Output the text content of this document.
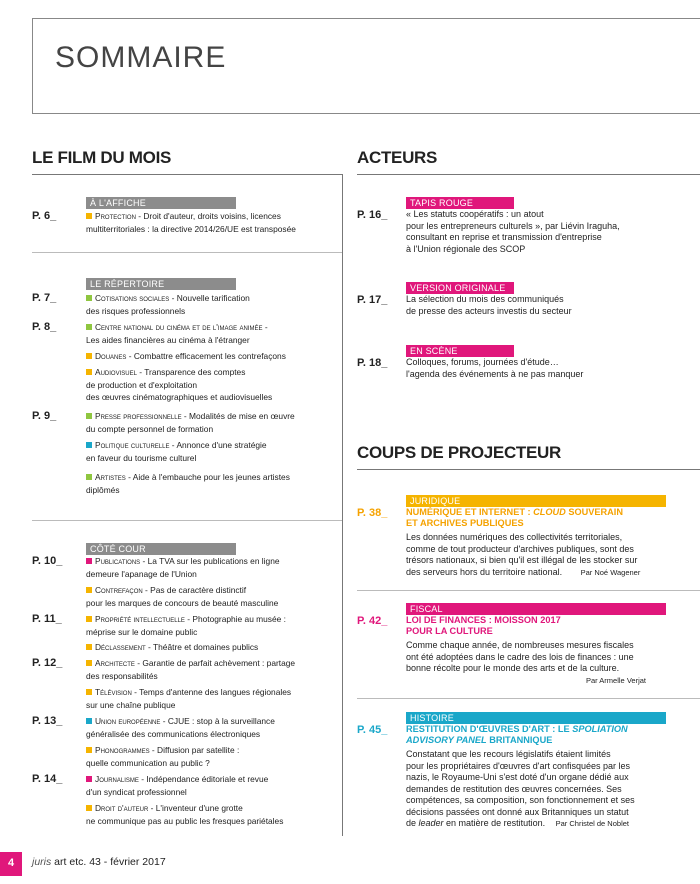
SOMMAIRE
LE FILM DU MOIS
À L'AFFICHE
P. 6_	Protection - Droit d'auteur, droits voisins, licences multiterritoriales : la directive 2014/26/UE est transposée
LE RÉPERTOIRE
P. 7_
P. 8_
P. 9_
Cotisations sociales - Nouvelle tarification
des risques professionnels
Centre national du cinéma et de l'image animée -
Les aides financières au cinéma à l'étranger
Douanes - Combattre efficacement les contrefaçons
Audiovisuel - Transparence des comptes
de production et d'exploitation
des œuvres cinématographiques et audiovisuelles
Presse professionnelle - Modalités de mise en œuvre
du compte personnel de formation
Politique culturelle - Annonce d'une stratégie
en faveur du tourisme culturel
Artistes - Aide à l'embauche pour les jeunes artistes
diplômés
CÔTÉ COUR
P. 10_
P. 11_
P. 12_
P. 13_
P. 14_
Publications - La TVA sur les publications en ligne
demeure l'apanage de l'Union
Contrefaçon - Pas de caractère distinctif
pour les marques de concours de beauté masculine
Propriété intellectuelle - Photographie au musée :
méprise sur le domaine public
Déclassement - Théâtre et domaines publics
Architecte - Garantie de parfait achèvement : partage
des responsabilités
Télévision - Temps d'antenne des langues régionales
sur une chaîne publique
Union européenne - CJUE : stop à la surveillance
généralisée des communications électroniques
Phonogrammes - Diffusion par satellite :
quelle communication au public ?
Journalisme - Indépendance éditoriale et revue
d'un syndicat professionnel
Droit d'auteur - L'inventeur d'une grotte
ne communique pas au public les fresques pariétales
ACTEURS
TAPIS ROUGE
P. 16_ « Les statuts coopératifs : un atout
pour les entrepreneurs culturels », par Liévin Iraguha,
consultant en reprise et transmission d'entreprise
à l'Union régionale des SCOP
VERSION ORIGINALE
P. 17_ La sélection du mois des communiqués
de presse des acteurs investis du secteur
EN SCÈNE
P. 18_ Colloques, forums, journées d'étude…
l'agenda des événements à ne pas manquer
COUPS DE PROJECTEUR
JURIDIQUE
P. 38_ NUMÉRIQUE ET INTERNET : CLOUD SOUVERAIN
ET ARCHIVES PUBLIQUES
Les données numériques des collectivités territoriales,
comme de tout producteur d'archives publiques, sont des
trésors nationaux, si bien qu'il est illégal de les stocker sur
des serveurs hors du territoire national. Par Noé Wagener
FISCAL
P. 42_ LOI DE FINANCES : MOISSON 2017
POUR LA CULTURE
Comme chaque année, de nombreuses mesures fiscales
ont été adoptées dans le cadre des lois de finances : une
bonne récolte pour le monde des arts et de la culture.
Par Armelle Verjat
HISTOIRE
P. 45_ RESTITUTION D'ŒUVRES D'ART : LE SPOLIATION
ADVISORY PANEL BRITANNIQUE
Constatant que les recours législatifs étaient limités
pour les propriétaires d'œuvres d'art confisquées par les
nazis, le Royaume-Uni s'est doté d'un organe dédié aux
demandes de restitution des œuvres concernées. Ses
compétences, sa composition, son fonctionnement et ses
décisions passées ont donné aux Britanniques un statut
de leader en matière de restitution. Par Christel de Noblet
4	juris art etc. 43 - février 2017
